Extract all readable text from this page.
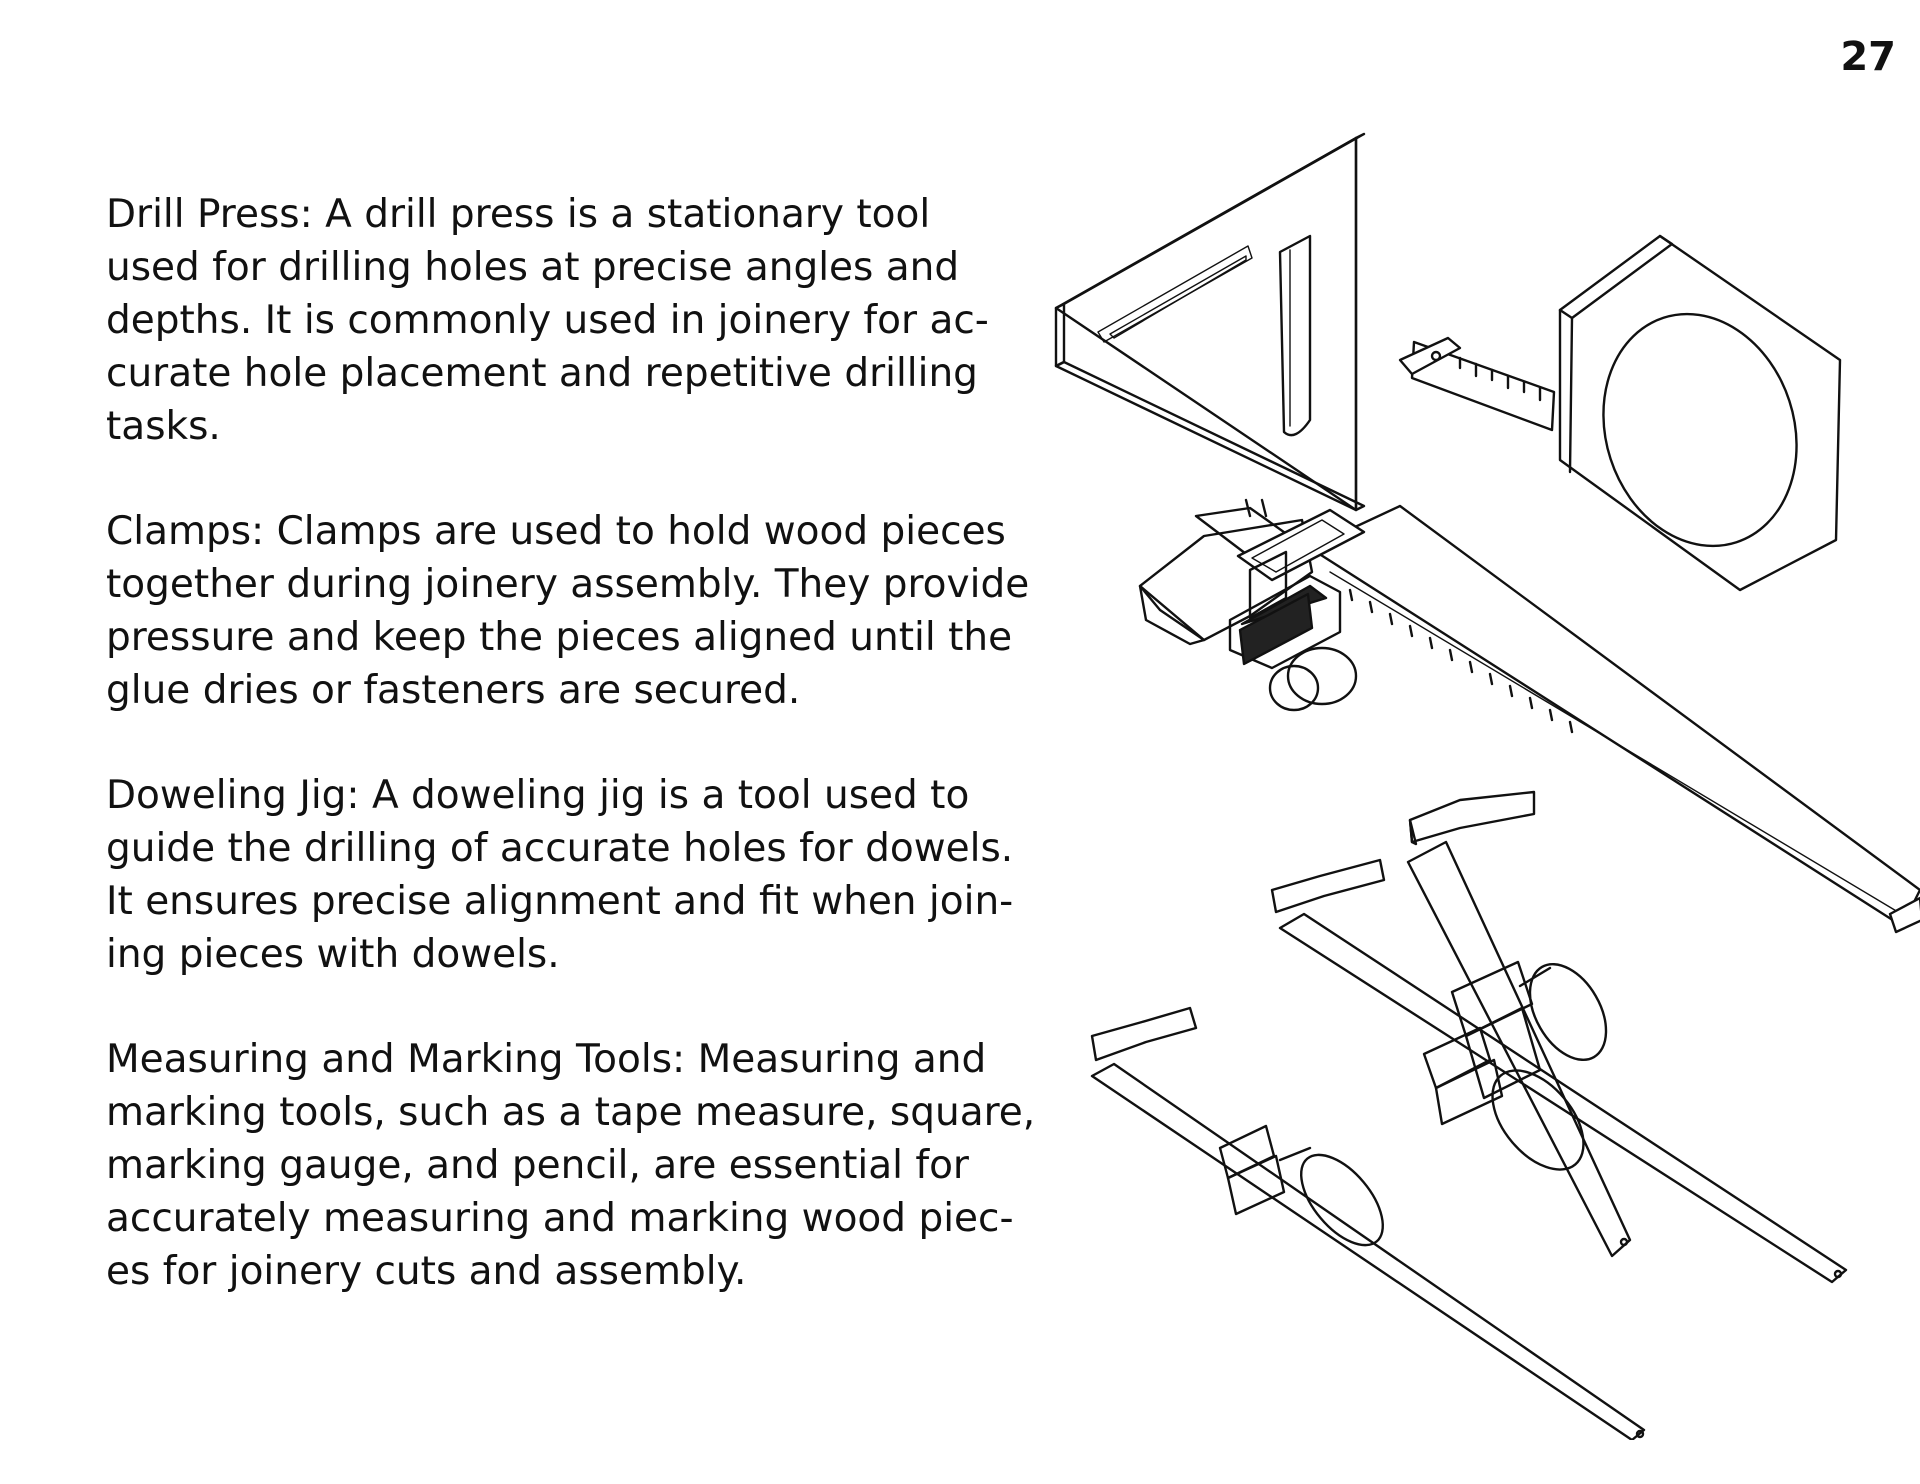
27

Drill Press: A drill press is a stationary tool
used for drilling holes at precise angles and
depths. It is commonly used in joinery for ac-
curate hole placement and repetitive drilling
tasks.

Clamps: Clamps are used to hold wood pieces
together during joinery assembly. They provide
pressure and keep the pieces aligned until the
glue dries or fasteners are secured.

Doweling Jig: A doweling jig is a tool used to
guide the drilling of accurate holes for dowels.
It ensures precise alignment and fit when join-
ing pieces with dowels.

Measuring and Marking Tools: Measuring and
marking tools, such as a tape measure, square,
marking gauge, and pencil, are essential for
accurately measuring and marking wood piec-
es for joinery cuts and assembly.
